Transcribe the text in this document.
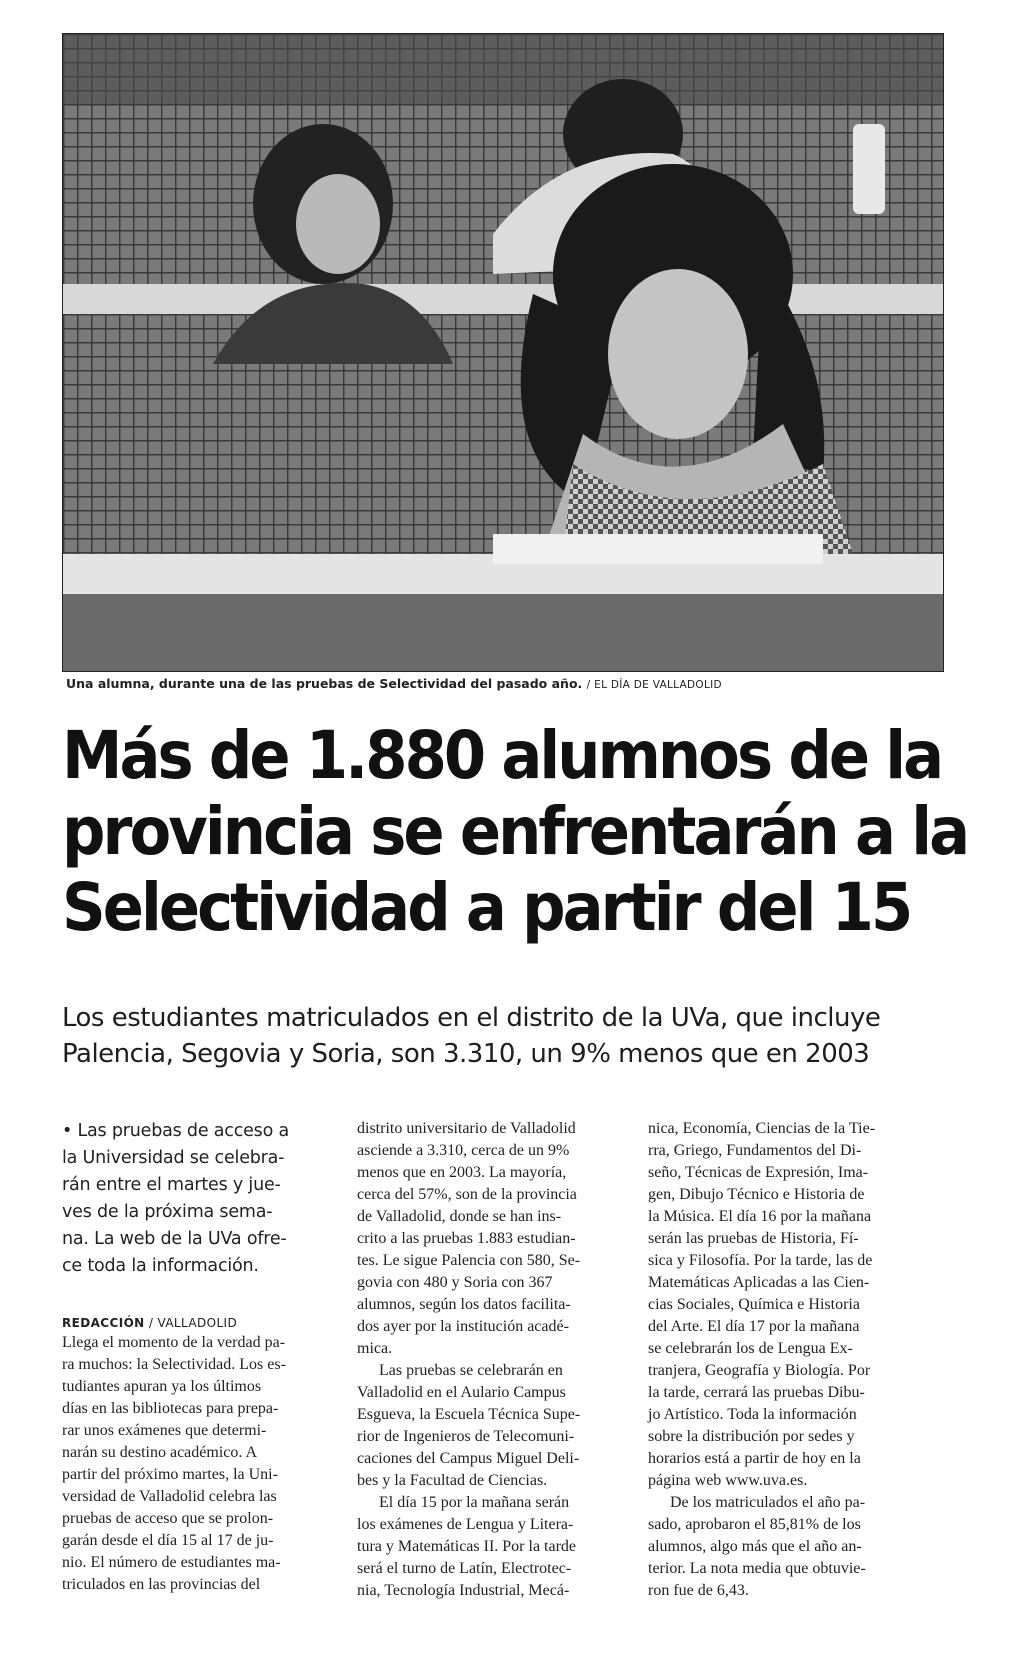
Una alumna, durante una de las pruebas de Selectividad del pasado año. / EL DÍA DE VALLADOLID
Más de 1.880 alumnos de la
provincia se enfrentarán a la
Selectividad a partir del 15
Los estudiantes matriculados en el distrito de la UVa, que incluye
Palencia, Segovia y Soria, son 3.310, un 9% menos que en 2003
• Las pruebas de acceso a
la Universidad se celebra-
rán entre el martes y jue-
ves de la próxima sema-
na. La web de la UVa ofre-
ce toda la información.
REDACCIÓN / VALLADOLID
Llega el momento de la verdad pa-
ra muchos: la Selectividad. Los es-
tudiantes apuran ya los últimos
días en las bibliotecas para prepa-
rar unos exámenes que determi-
narán su destino académico. A
partir del próximo martes, la Uni-
versidad de Valladolid celebra las
pruebas de acceso que se prolon-
garán desde el día 15 al 17 de ju-
nio. El número de estudiantes ma-
triculados en las provincias del
distrito universitario de Valladolid
asciende a 3.310, cerca de un 9%
menos que en 2003. La mayoría,
cerca del 57%, son de la provincia
de Valladolid, donde se han ins-
crito a las pruebas 1.883 estudian-
tes. Le sigue Palencia con 580, Se-
govia con 480 y Soria con 367
alumnos, según los datos facilita-
dos ayer por la institución acadé-
mica.
Las pruebas se celebrarán en
Valladolid en el Aulario Campus
Esgueva, la Escuela Técnica Supe-
rior de Ingenieros de Telecomuni-
caciones del Campus Miguel Deli-
bes y la Facultad de Ciencias.
El día 15 por la mañana serán
los exámenes de Lengua y Litera-
tura y Matemáticas II. Por la tarde
será el turno de Latín, Electrotec-
nia, Tecnología Industrial, Mecá-
nica, Economía, Ciencias de la Tie-
rra, Griego, Fundamentos del Di-
seño, Técnicas de Expresión, Ima-
gen, Dibujo Técnico e Historia de
la Música. El día 16 por la mañana
serán las pruebas de Historia, Fí-
sica y Filosofía. Por la tarde, las de
Matemáticas Aplicadas a las Cien-
cias Sociales, Química e Historia
del Arte. El día 17 por la mañana
se celebrarán los de Lengua Ex-
tranjera, Geografía y Biología. Por
la tarde, cerrará las pruebas Dibu-
jo Artístico. Toda la información
sobre la distribución por sedes y
horarios está a partir de hoy en la
página web www.uva.es.
De los matriculados el año pa-
sado, aprobaron el 85,81% de los
alumnos, algo más que el año an-
terior. La nota media que obtuvie-
ron fue de 6,43.
